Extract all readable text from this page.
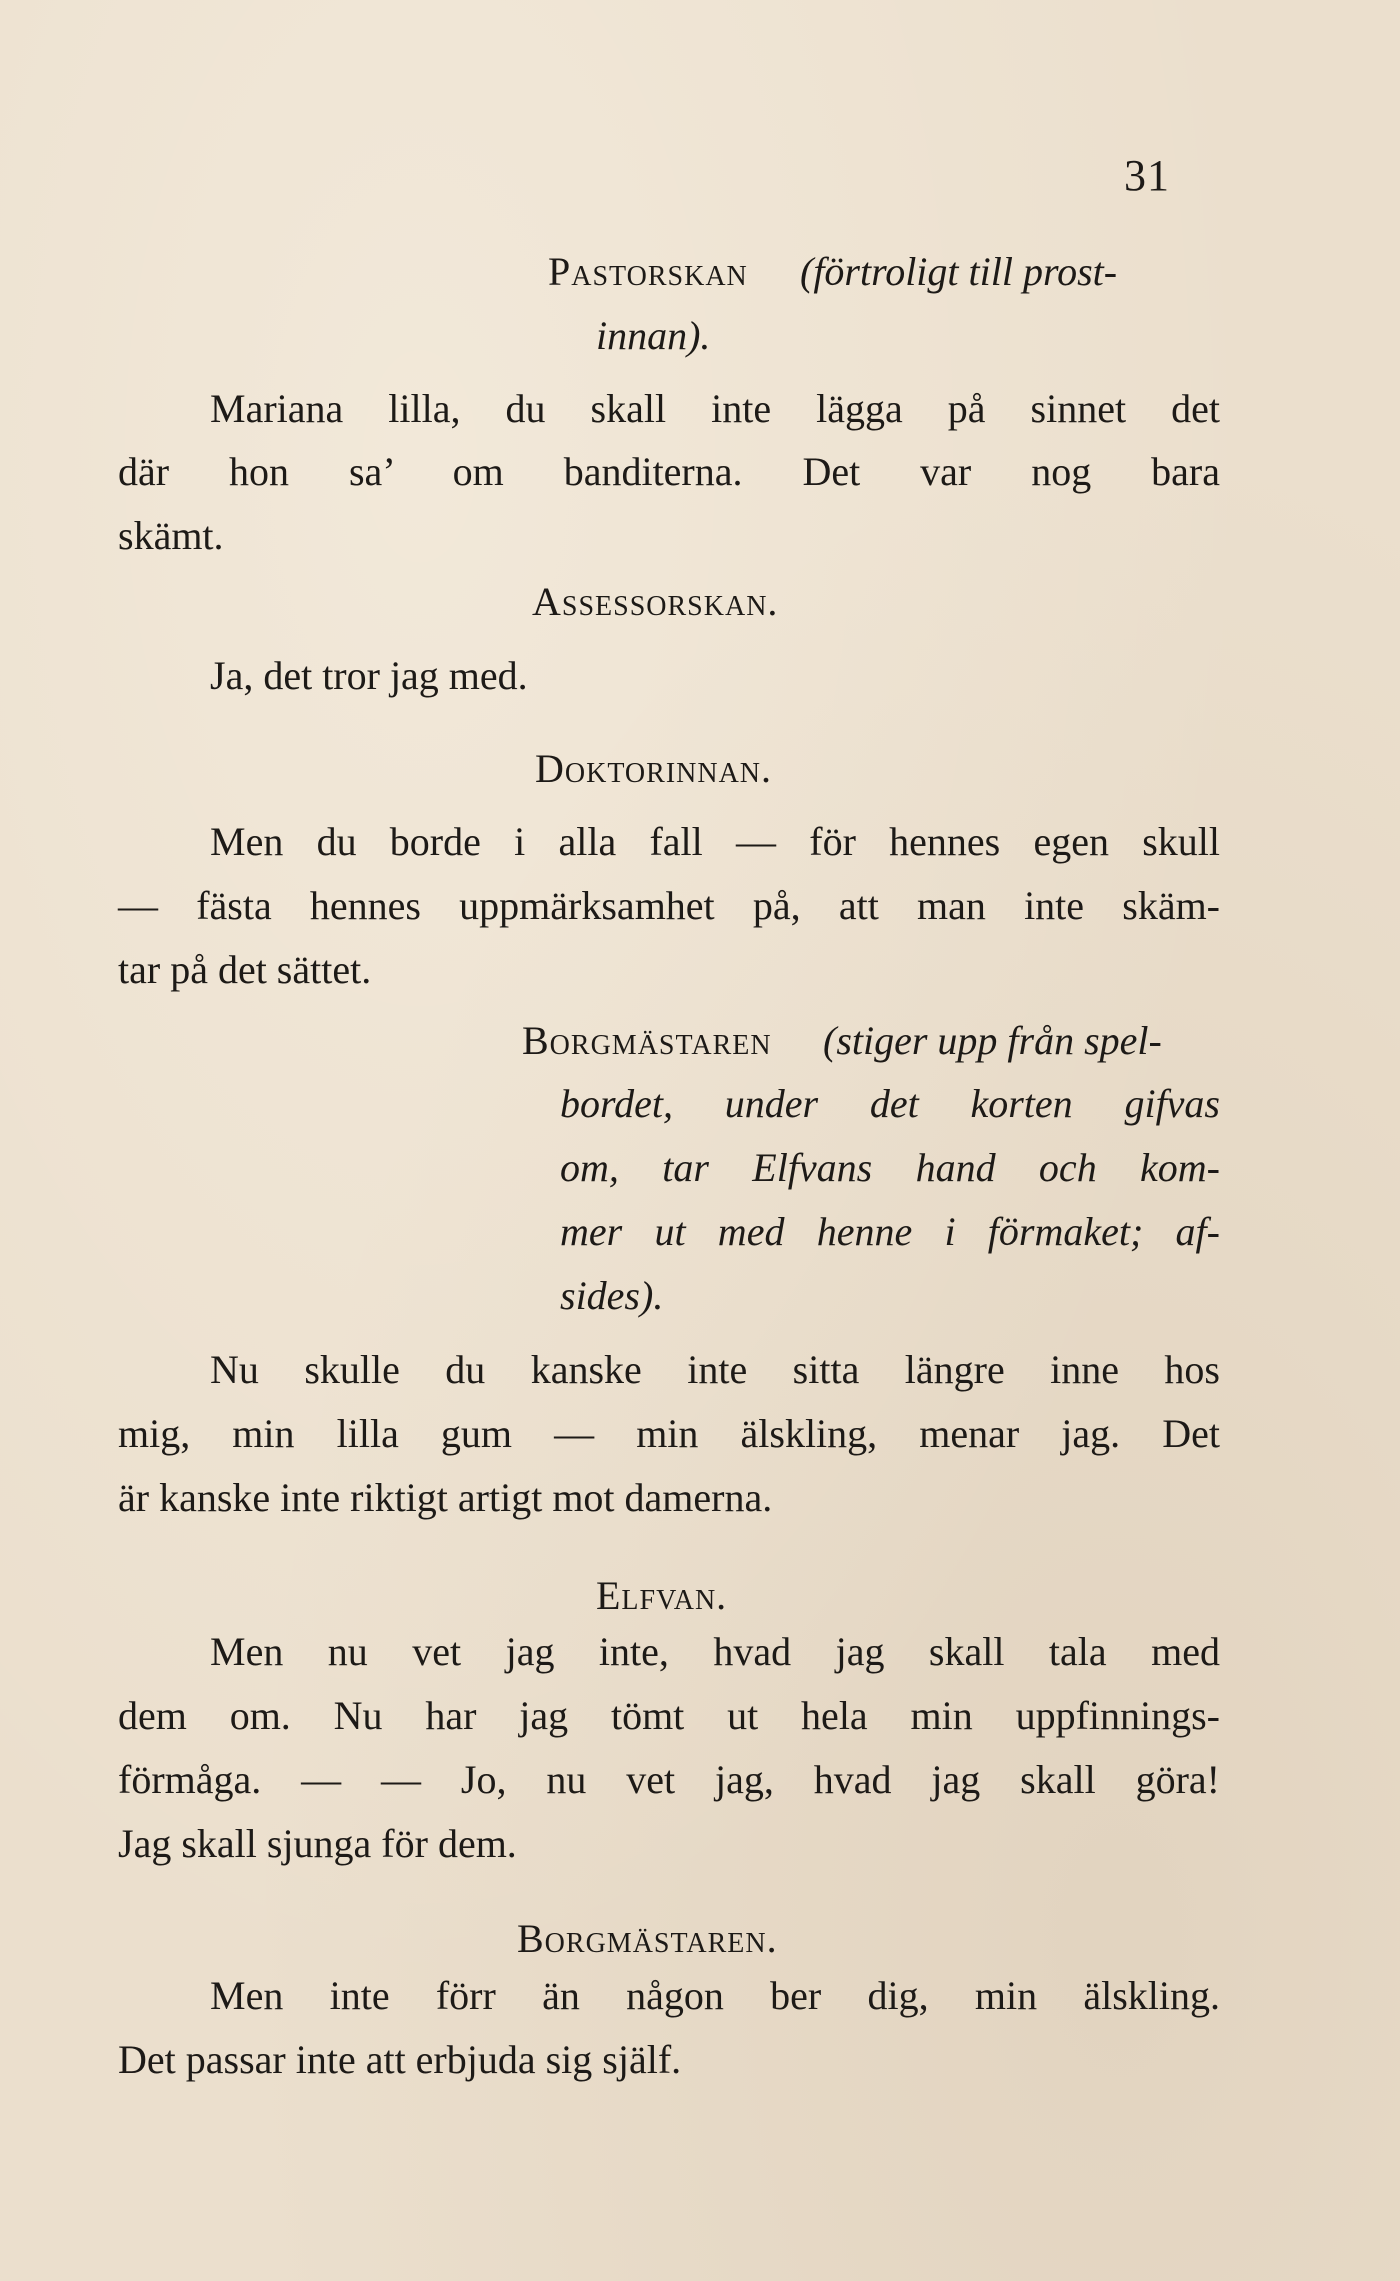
31
Pastorskan (förtroligt till prost-
innan).
Mariana lilla, du skall inte lägga på sinnet det
där hon sa’ om banditerna. Det var nog bara
skämt.
Assessorskan.
Ja, det tror jag med.
Doktorinnan.
Men du borde i alla fall — för hennes egen skull
— fästa hennes uppmärksamhet på, att man inte skäm-
tar på det sättet.
Borgmästaren (stiger upp från spel-
bordet, under det korten gifvas
om, tar Elfvans hand och kom-
mer ut med henne i förmaket; af-
sides).
Nu skulle du kanske inte sitta längre inne hos
mig, min lilla gum — min älskling, menar jag. Det
är kanske inte riktigt artigt mot damerna.
Elfvan.
Men nu vet jag inte, hvad jag skall tala med
dem om. Nu har jag tömt ut hela min uppfinnings-
förmåga. — — Jo, nu vet jag, hvad jag skall göra!
Jag skall sjunga för dem.
Borgmästaren.
Men inte förr än någon ber dig, min älskling.
Det passar inte att erbjuda sig själf.
